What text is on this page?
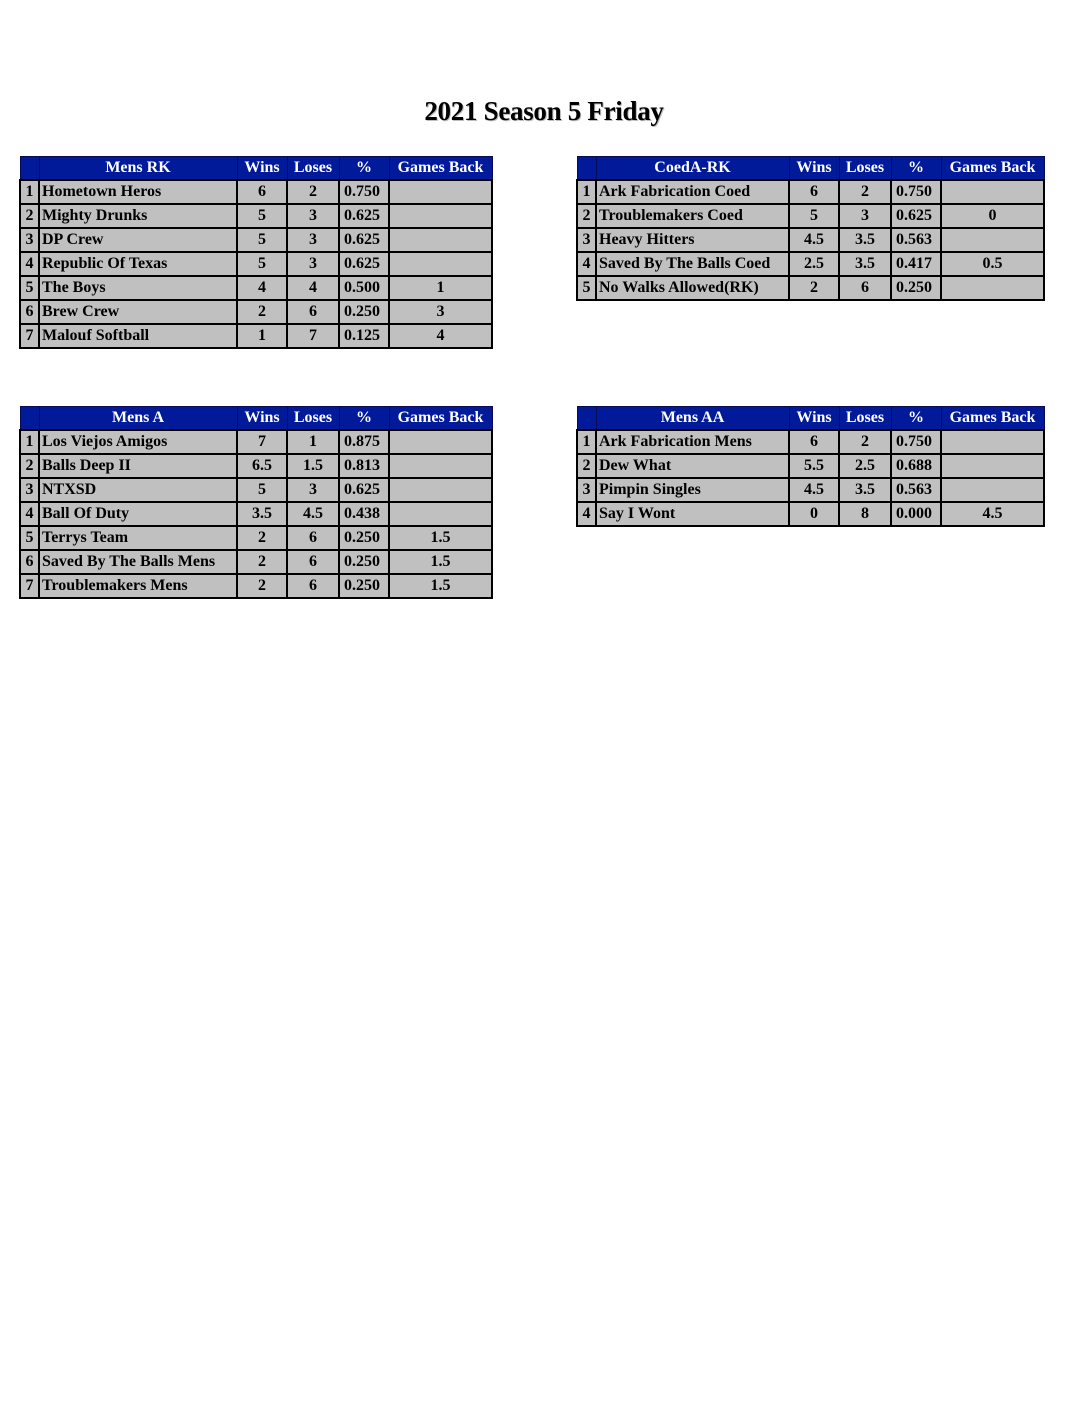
2021 Season 5 Friday
	Mens RK	Wins	Loses	%	Games Back
1	Hometown Heros	6	2	0.750	
2	Mighty Drunks	5	3	0.625	
3	DP Crew	5	3	0.625	
4	Republic Of Texas	5	3	0.625	
5	The Boys	4	4	0.500	1
6	Brew Crew	2	6	0.250	3
7	Malouf Softball	1	7	0.125	4
	CoedA-RK	Wins	Loses	%	Games Back
1	Ark Fabrication Coed	6	2	0.750	
2	Troublemakers Coed	5	3	0.625	0
3	Heavy Hitters	4.5	3.5	0.563	
4	Saved By The Balls Coed	2.5	3.5	0.417	0.5
5	No Walks Allowed(RK)	2	6	0.250	
	Mens A	Wins	Loses	%	Games Back
1	Los Viejos Amigos	7	1	0.875	
2	Balls Deep II	6.5	1.5	0.813	
3	NTXSD	5	3	0.625	
4	Ball Of Duty	3.5	4.5	0.438	
5	Terrys Team	2	6	0.250	1.5
6	Saved By The Balls Mens	2	6	0.250	1.5
7	Troublemakers Mens	2	6	0.250	1.5
	Mens AA	Wins	Loses	%	Games Back
1	Ark Fabrication Mens	6	2	0.750	
2	Dew What	5.5	2.5	0.688	
3	Pimpin Singles	4.5	3.5	0.563	
4	Say I Wont	0	8	0.000	4.5
